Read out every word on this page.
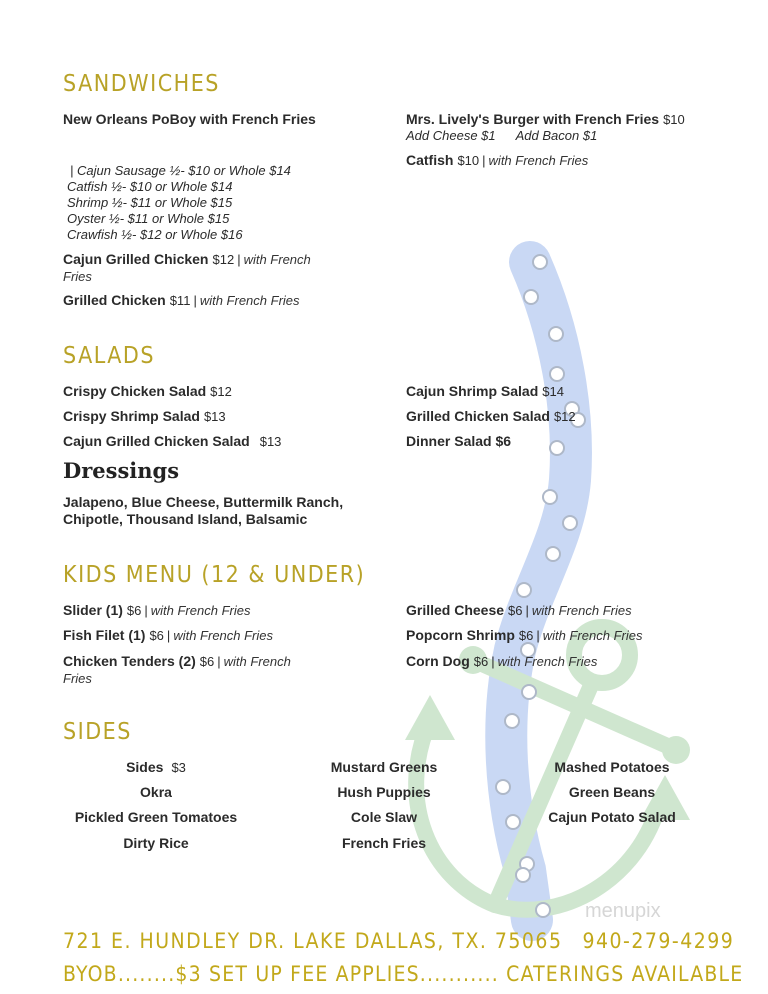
menupix
SANDWICHES
New Orleans PoBoy with French Fries
| Cajun Sausage ½- $10 or Whole $14
Catfish ½- $10 or Whole $14
Shrimp ½- $11 or Whole $15
Oyster ½- $11 or Whole $15
Crawfish ½- $12 or Whole $16
Cajun Grilled Chicken $12 | with French
Fries
Grilled Chicken $11 | with French Fries
Mrs. Lively's Burger with French Fries $10
Add Cheese $1 Add Bacon $1
Catfish $10 | with French Fries
SALADS
Crispy Chicken Salad $12
Crispy Shrimp Salad $13
Cajun Grilled Chicken Salad $13
Cajun Shrimp Salad $14
Grilled Chicken Salad $12
Dinner Salad $6
Dressings
Jalapeno, Blue Cheese, Buttermilk Ranch,
Chipotle, Thousand Island, Balsamic
KIDS MENU (12 & UNDER)
Slider (1) $6 | with French Fries
Fish Filet (1) $6 | with French Fries
Chicken Tenders (2) $6 | with French
Fries
Grilled Cheese $6 | with French Fries
Popcorn Shrimp $6 | with French Fries
Corn Dog $6 | with French Fries
SIDES
Sides $3
Okra
Pickled Green Tomatoes
Dirty Rice
Mustard Greens
Hush Puppies
Cole Slaw
French Fries
Mashed Potatoes
Green Beans
Cajun Potato Salad
721 E. HUNDLEY DR. LAKE DALLAS, TX. 75065 940-279-4299
BYOB........$3 SET UP FEE APPLIES........... CATERINGS AVAILABLE
